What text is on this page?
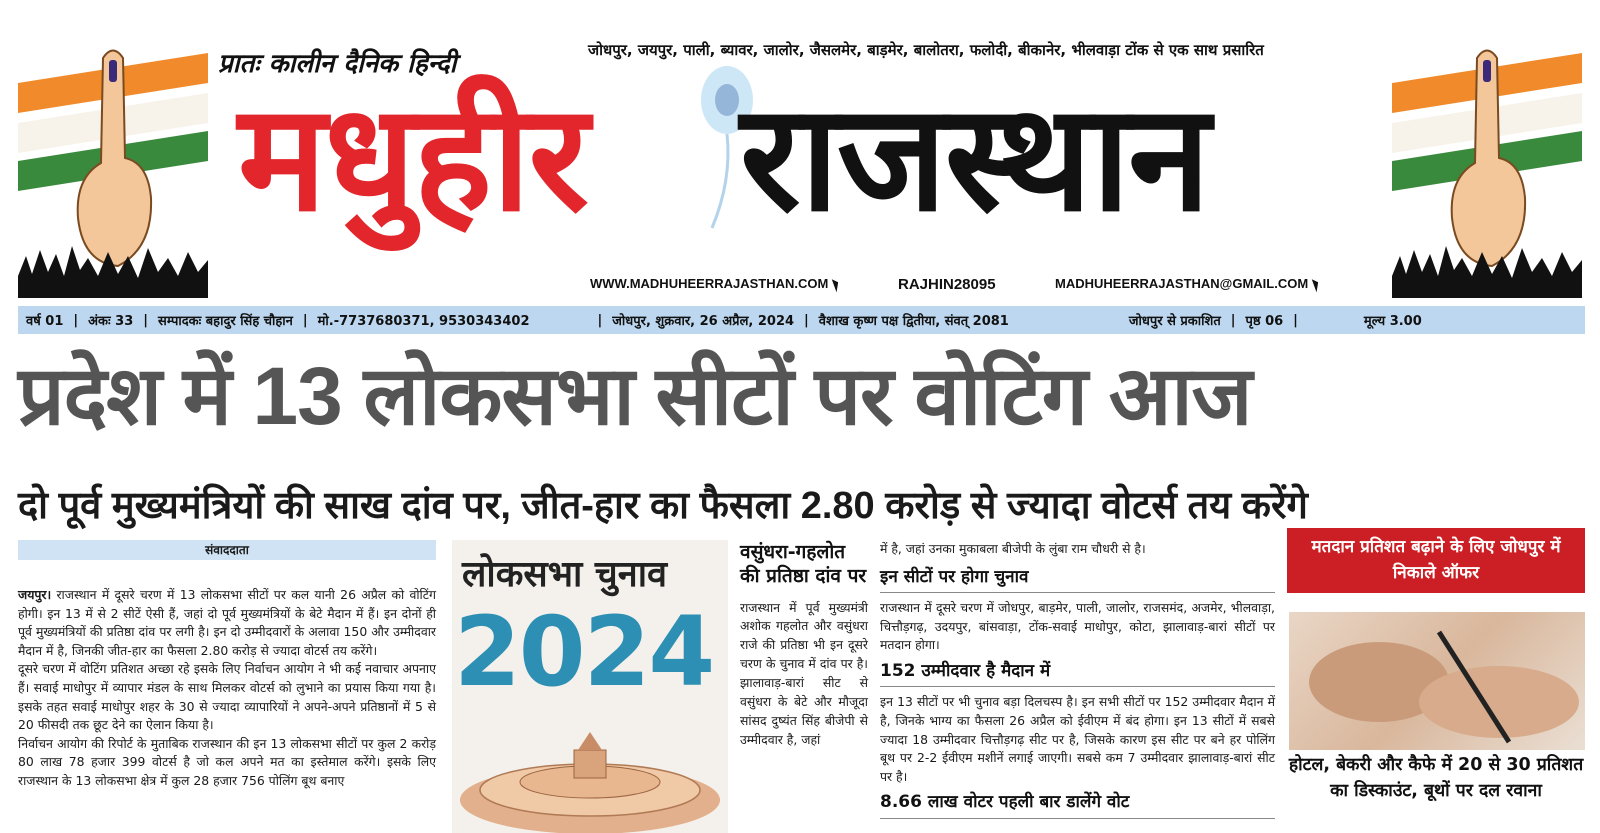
प्रातः कालीन दैनिक हिन्दी	जोधपुर, जयपुर, पाली, ब्यावर, जालोर, जैसलमेर, बाड़मेर, बालोतरा, फलोदी, बीकानेर, भीलवाड़ा टोंक से एक साथ प्रसारित
मधुहीर राजस्थान
WWW.MADHUHEERRAJASTHAN.COM	RAJHIN28095	MADHUHEERRAJASTHAN@GMAIL.COM
वर्ष 01 | अंकः 33 | सम्पादकः बहादुर सिंह चौहान | मो.-7737680371, 9530343402	| जोधपुर, शुक्रवार, 26 अप्रैल, 2024 | वैशाख कृष्ण पक्ष द्वितीया, संवत् 2081	जोधपुर से प्रकाशित | पृष्ठ 06 |	मूल्य 3.00
प्रदेश में 13 लोकसभा सीटों पर वोटिंग आज
दो पूर्व मुख्यमंत्रियों की साख दांव पर, जीत-हार का फैसला 2.80 करोड़ से ज्यादा वोटर्स तय करेंगे
संवाददाता

जयपुर। राजस्थान में दूसरे चरण में 13 लोकसभा सीटों पर कल यानी 26 अप्रैल को वोटिंग होगी। इन 13 में से 2 सीटें ऐसी हैं, जहां दो पूर्व मुख्यमंत्रियों के बेटे मैदान में हैं। इन दोनों ही पूर्व मुख्यमंत्रियों की प्रतिष्ठा दांव पर लगी है। इन दो उम्मीदवारों के अलावा 150 और उम्मीदवार मैदान में है, जिनकी जीत-हार का फैसला 2.80 करोड़ से ज्यादा वोटर्स तय करेंगे।

दूसरे चरण में वोटिंग प्रतिशत अच्छा रहे इसके लिए निर्वाचन आयोग ने भी कई नवाचार अपनाए हैं। सवाई माधोपुर में व्यापार मंडल के साथ मिलकर वोटर्स को लुभाने का प्रयास किया गया है। इसके तहत सवाई माधोपुर शहर के 30 से ज्यादा व्यापारियों ने अपने-अपने प्रतिष्ठानों में 5 से 20 फीसदी तक छूट देने का ऐलान किया है।

निर्वाचन आयोग की रिपोर्ट के मुताबिक राजस्थान की इन 13 लोकसभा सीटों पर कुल 2 करोड़ 80 लाख 78 हजार 399 वोटर्स है जो कल अपने मत का इस्तेमाल करेंगे। इसके लिए राजस्थान के 13 लोकसभा क्षेत्र में कुल 28 हजार 756 पोलिंग बूथ बनाए

लोकसभा चुनाव
2024
वसुंधरा-गहलोत की प्रतिष्ठा दांव पर

राजस्थान में पूर्व मुख्यमंत्री अशोक गहलोत और वसुंधरा राजे की प्रतिष्ठा भी इन दूसरे चरण के चुनाव में दांव पर है। झालावाड़-बारां सीट से वसुंधरा के बेटे और मौजूदा सांसद दुष्यंत सिंह बीजेपी से उम्मीदवार है, जहां

में है, जहां उनका मुकाबला बीजेपी के लुंबा राम चौधरी से है।

इन सीटों पर होगा चुनाव

राजस्थान में दूसरे चरण में जोधपुर, बाड़मेर, पाली, जालोर, राजसमंद, अजमेर, भीलवाड़ा, चित्तौड़गढ़, उदयपुर, बांसवाड़ा, टोंक-सवाई माधोपुर, कोटा, झालावाड़-बारां सीटों पर मतदान होगा।

152 उम्मीदवार है मैदान में

इन 13 सीटों पर भी चुनाव बड़ा दिलचस्प है। इन सभी सीटों पर 152 उम्मीदवार मैदान में है, जिनके भाग्य का फैसला 26 अप्रैल को ईवीएम में बंद होगा। इन 13 सीटों में सबसे ज्यादा 18 उम्मीदवार चित्तौड़गढ़ सीट पर है, जिसके कारण इस सीट पर बने हर पोलिंग बूथ पर 2-2 ईवीएम मशीनें लगाई जाएगी। सबसे कम 7 उम्मीदवार झालावाड़-बारां सीट पर है।

8.66 लाख वोटर पहली बार डालेंगे वोट
मतदान प्रतिशत बढ़ाने के लिए जोधपुर में निकाले ऑफर
होटल, बेकरी और कैफे में 20 से 30 प्रतिशत का डिस्काउंट, बूथों पर दल रवाना
